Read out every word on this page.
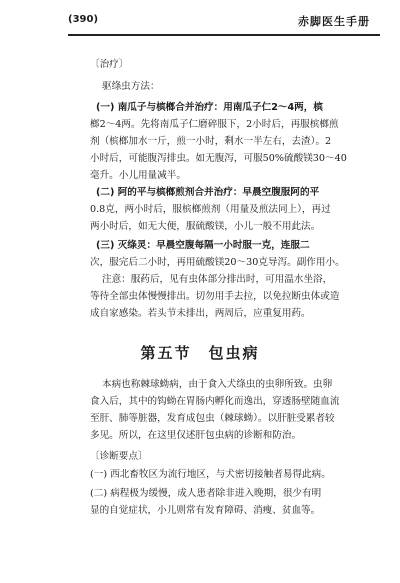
(390)	赤脚医生手册
〔治疗〕
驱绦虫方法：
(一) 南瓜子与槟榔合并治疗：用南瓜子仁2～4两，槟
榔2～4两。先将南瓜子仁磨碎服下，2小时后，再服槟榔煎
剂（槟榔加水一斤，煎一小时，剩水一半左右，去渣）。2
小时后，可能腹泻排虫。如无腹泻，可服50%硫酸镁30～40
毫升。小儿用量减半。
(二) 阿的平与槟榔煎剂合并治疗：早晨空腹服阿的平
0.8克，两小时后，服槟榔煎剂（用量及煎法同上），再过
两小时后，如无大便，服硫酸镁，小儿一般不用此法。
(三) 灭绦灵：早晨空腹每隔一小时服一克，连服二
次，服完后二小时，再用硫酸镁20～30克导泻。副作用小。
注意：服药后，见有虫体部分排出时，可用温水坐浴，
等待全部虫体慢慢排出。切勿用手去拉，以免拉断虫体或造
成自家感染。若头节未排出，两周后，应重复用药。
第五节　包虫病
本病也称棘球蚴病，由于食入犬绦虫的虫卵所致。虫卵
食入后，其中的钩蚴在胃肠内孵化而逸出，穿透肠壁随血流
至肝、肺等脏器，发育成包虫（棘球蚴）。以肝脏受累者较
多见。所以，在这里仅述肝包虫病的诊断和防治。
〔诊断要点〕
(一) 西北畜牧区为流行地区，与犬密切接触者易得此病。
(二) 病程极为缓慢，成人患者除非进入晚期，很少有明
显的自觉症状，小儿则常有发育障碍、消瘦、贫血等。
